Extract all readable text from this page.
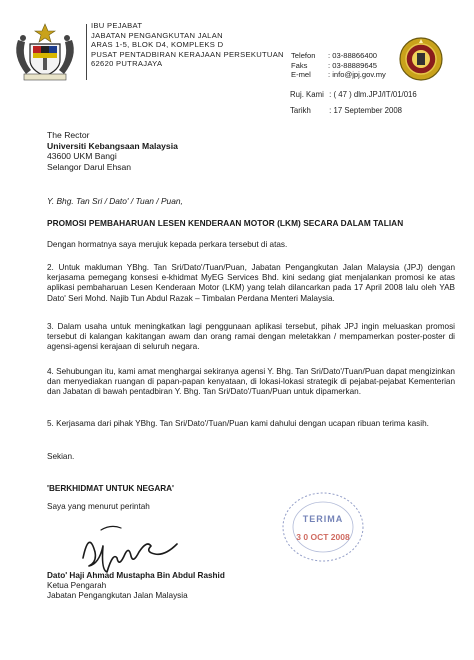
IBU PEJABAT
JABATAN PENGANGKUTAN JALAN
ARAS 1-5, BLOK D4, KOMPLEKS D
PUSAT PENTADBIRAN KERAJAAN PERSEKUTUAN
62620 PUTRAJAYA
Telefon : 03-88866400
Faks	: 03-88889645
E-mel : info@jpj.gov.my
Ruj. Kami : ( 47 ) dlm.JPJ/IT/01/016
Tarikh : 17 September 2008
The Rector
Universiti Kebangsaan Malaysia
43600 UKM Bangi
Selangor Darul Ehsan
Y. Bhg. Tan Sri / Dato' / Tuan / Puan,
PROMOSI PEMBAHARUAN LESEN KENDERAAN MOTOR (LKM) SECARA DALAM TALIAN
Dengan hormatnya saya merujuk kepada perkara tersebut di atas.
2. Untuk makluman YBhg. Tan Sri/Dato'/Tuan/Puan, Jabatan Pengangkutan Jalan Malaysia (JPJ) dengan kerjasama pemegang konsesi e-khidmat MyEG Services Bhd. kini sedang giat menjalankan promosi ke atas aplikasi pembaharuan Lesen Kenderaan Motor (LKM) yang telah dilancarkan pada 17 April 2008 lalu oleh YAB Dato' Seri Mohd. Najib Tun Abdul Razak – Timbalan Perdana Menteri Malaysia.
3. Dalam usaha untuk meningkatkan lagi penggunaan aplikasi tersebut, pihak JPJ ingin meluaskan promosi tersebut di kalangan kakitangan awam dan orang ramai dengan meletakkan / mempamerkan poster-poster di agensi-agensi kerajaan di seluruh negara.
4. Sehubungan itu, kami amat menghargai sekiranya agensi Y. Bhg. Tan Sri/Dato'/Tuan/Puan dapat mengizinkan dan menyediakan ruangan di papan-papan kenyataan, di lokasi-lokasi strategik di pejabat-pejabat Kementerian dan Jabatan di bawah pentadbiran Y. Bhg. Tan Sri/Dato'/Tuan/Puan untuk dipamerkan.
5. Kerjasama dari pihak YBhg. Tan Sri/Dato'/Tuan/Puan kami dahului dengan ucapan ribuan terima kasih.
Sekian.
'BERKHIDMAT UNTUK NEGARA'
Saya yang menurut perintah
TERIMA
3 0 OCT 2008
Dato' Haji Ahmad Mustapha Bin Abdul Rashid
Ketua Pengarah
Jabatan Pengangkutan Jalan Malaysia
